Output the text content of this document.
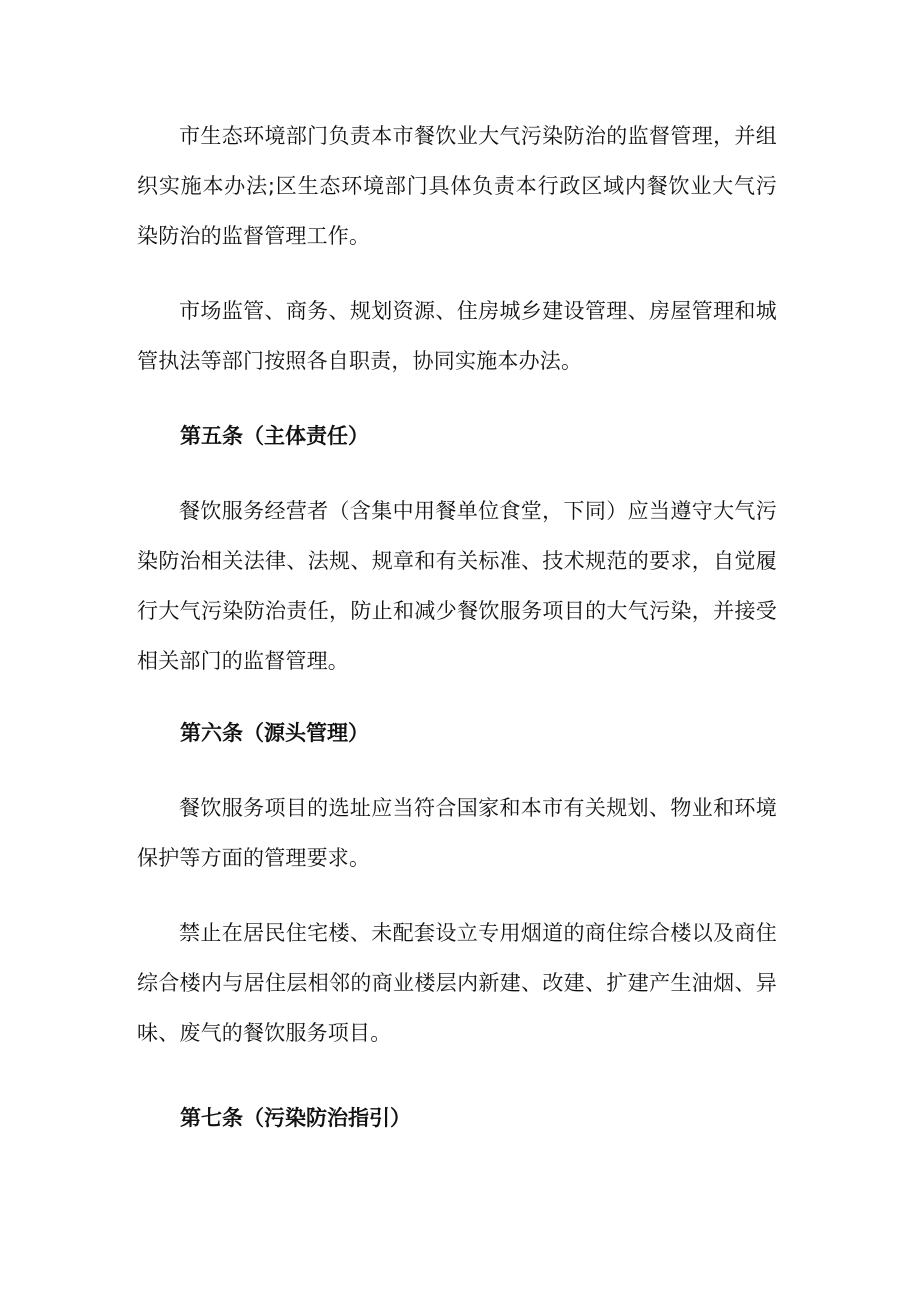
市生态环境部门负责本市餐饮业大气污染防治的监督管理，并组织实施本办法;区生态环境部门具体负责本行政区域内餐饮业大气污染防治的监督管理工作。

市场监管、商务、规划资源、住房城乡建设管理、房屋管理和城管执法等部门按照各自职责，协同实施本办法。

第五条（主体责任）

餐饮服务经营者（含集中用餐单位食堂，下同）应当遵守大气污染防治相关法律、法规、规章和有关标准、技术规范的要求，自觉履行大气污染防治责任，防止和减少餐饮服务项目的大气污染，并接受相关部门的监督管理。

第六条（源头管理）

餐饮服务项目的选址应当符合国家和本市有关规划、物业和环境保护等方面的管理要求。

禁止在居民住宅楼、未配套设立专用烟道的商住综合楼以及商住综合楼内与居住层相邻的商业楼层内新建、改建、扩建产生油烟、异味、废气的餐饮服务项目。

第七条（污染防治指引）
